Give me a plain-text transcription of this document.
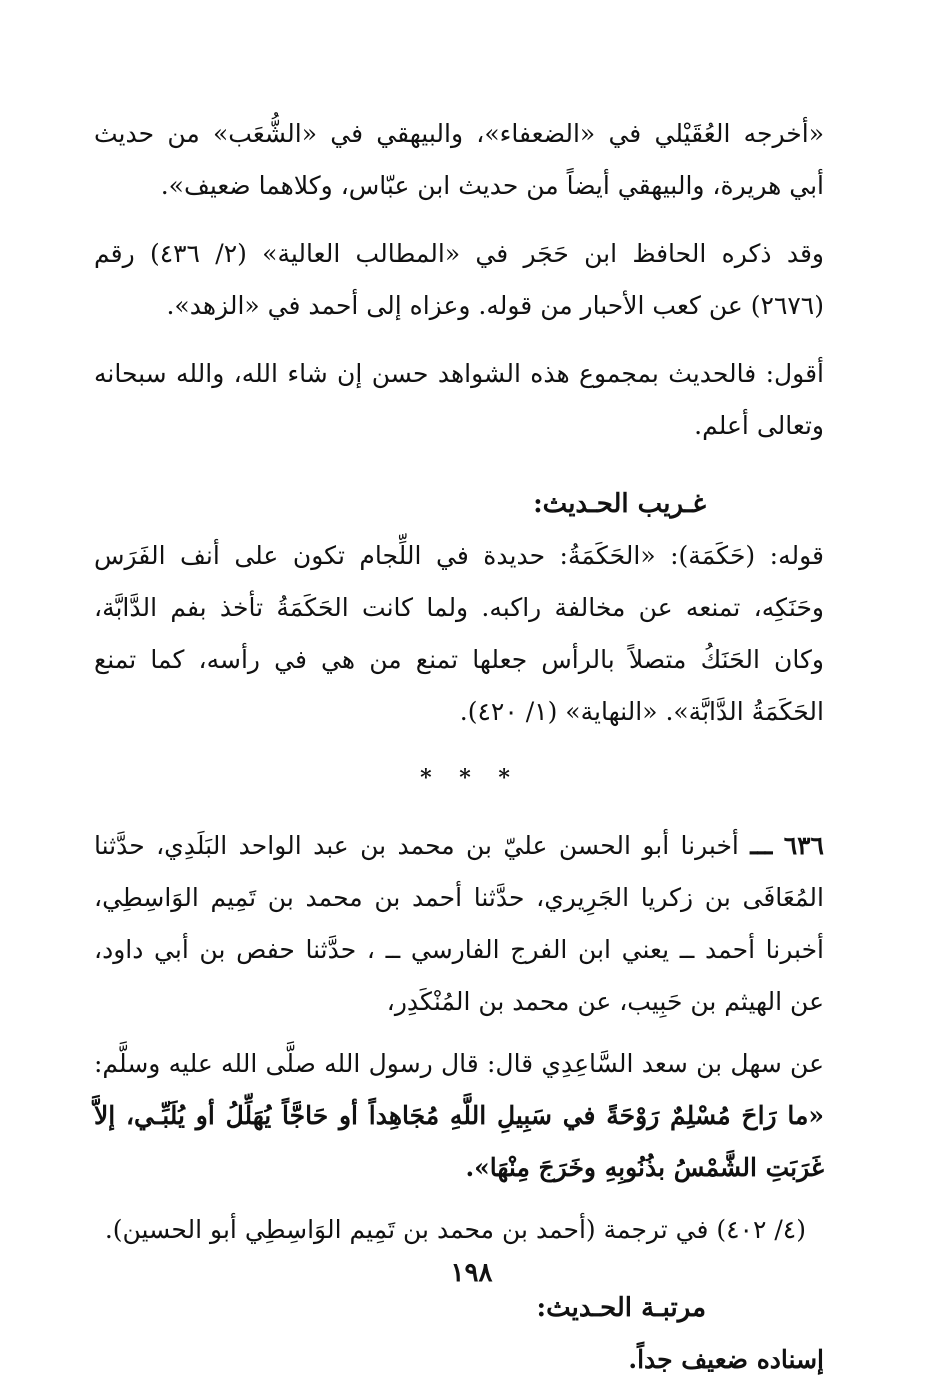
«أخرجه العُقَيْلي في «الضعفاء»، والبيهقي في «الشُّعَب» من حديث أبي هريرة، والبيهقي أيضاً من حديث ابن عبّاس، وكلاهما ضعيف».

وقد ذكره الحافظ ابن حَجَر في «المطالب العالية» (٢/ ٤٣٦) رقم (٢٦٧٦) عن كعب الأحبار من قوله. وعزاه إلى أحمد في «الزهد».

أقول: فالحديث بمجموع هذه الشواهد حسن إن شاء الله، والله سبحانه وتعالى أعلم.

غـريب الحـديث:

قوله: (حَكَمَة): «الحَكَمَةُ: حديدة في اللِّجام تكون على أنف الفَرَس وحَنَكِه، تمنعه عن مخالفة راكبه. ولما كانت الحَكَمَةُ تأخذ بفم الدَّابَّة، وكان الحَنَكُ متصلاً بالرأس جعلها تمنع من هي في رأسه، كما تمنع الحَكَمَةُ الدَّابَّة». «النهاية» (١/ ٤٢٠).

* * *

٦٣٦ ـــ أخبرنا أبو الحسن عليّ بن محمد بن عبد الواحد البَلَدِي، حدَّثنا المُعَافَى بن زكريا الجَرِيري، حدَّثنا أحمد بن محمد بن تَمِيم الوَاسِطِي، أخبرنا أحمد ــ يعني ابن الفرج الفارسي ــ ، حدَّثنا حفص بن أبي داود، عن الهيثم بن حَبِيب، عن محمد بن المُنْكَدِر،

عن سهل بن سعد السَّاعِدِي قال: قال رسول الله صلَّى الله عليه وسلَّم: «ما رَاحَ مُسْلِمٌ رَوْحَةً في سَبِيلِ اللَّهِ مُجَاهِداً أو حَاجَّاً يُهَلِّلُ أو يُلَبِّـي، إلاَّ غَرَبَتِ الشَّمْسُ بذُنُوبِهِ وخَرَجَ مِنْهَا».

(٤/ ٤٠٢) في ترجمة (أحمد بن محمد بن تَمِيم الوَاسِطِي أبو الحسين).

مرتبـة الحـديث:

إسناده ضعيف جداً.

١٩٨
